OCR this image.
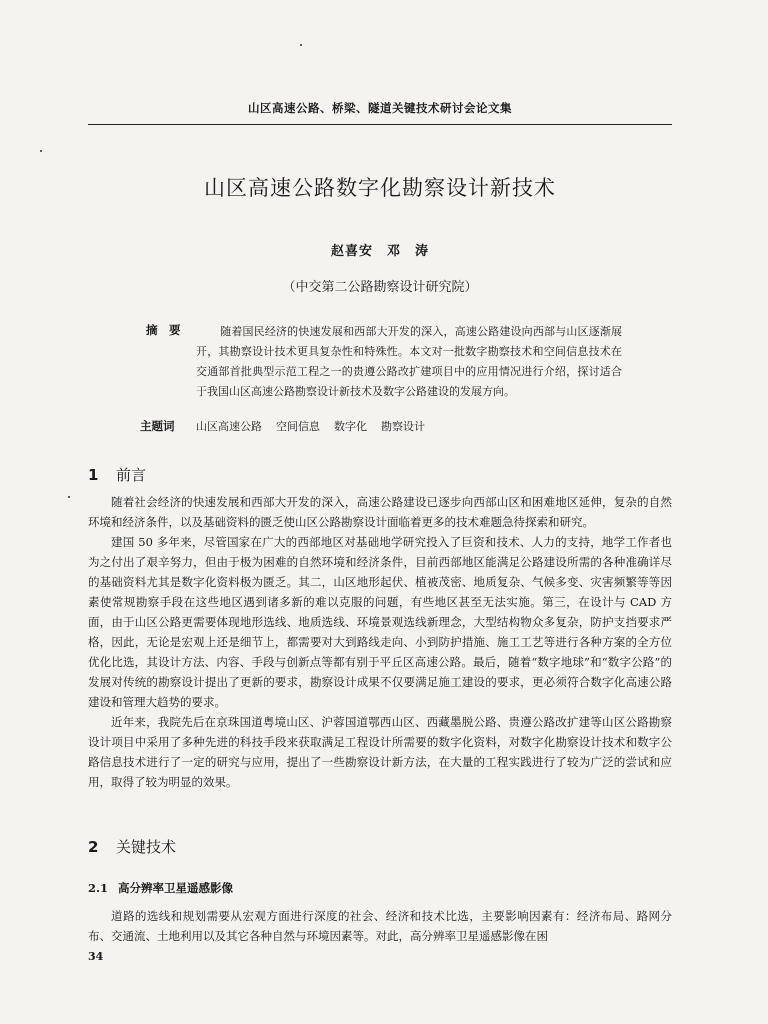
山区高速公路、桥梁、隧道关键技术研讨会论文集
山区高速公路数字化勘察设计新技术
赵喜安　邓　涛
（中交第二公路勘察设计研究院）
摘　要	随着国民经济的快速发展和西部大开发的深入，高速公路建设向西部与山区逐渐展开，其勘察设计技术更具复杂性和特殊性。本文对一批数字勘察技术和空间信息技术在交通部首批典型示范工程之一的贵遵公路改扩建项目中的应用情况进行介绍，探讨适合于我国山区高速公路勘察设计新技术及数字公路建设的发展方向。
主题词 山区高速公路 空间信息 数字化 勘察设计
1 前言

随着社会经济的快速发展和西部大开发的深入，高速公路建设已逐步向西部山区和困难地区延伸，复杂的自然环境和经济条件，以及基础资料的匮乏使山区公路勘察设计面临着更多的技术难题急待探索和研究。

建国 50 多年来，尽管国家在广大的西部地区对基础地学研究投入了巨资和技术、人力的支持，地学工作者也为之付出了艰辛努力，但由于极为困难的自然环境和经济条件，目前西部地区能满足公路建设所需的各种准确详尽的基础资料尤其是数字化资料极为匮乏。其二，山区地形起伏、植被茂密、地质复杂、气候多变、灾害频繁等等因素使常规勘察手段在这些地区遇到诸多新的难以克服的问题，有些地区甚至无法实施。第三，在设计与 CAD 方面，由于山区公路更需要体现地形选线、地质选线、环境景观选线新理念，大型结构物众多复杂，防护支挡要求严格，因此，无论是宏观上还是细节上，都需要对大到路线走向、小到防护措施、施工工艺等进行各种方案的全方位优化比选，其设计方法、内容、手段与创新点等都有别于平丘区高速公路。最后，随着“数字地球”和“数字公路”的发展对传统的勘察设计提出了更新的要求，勘察设计成果不仅要满足施工建设的要求，更必须符合数字化高速公路建设和管理大趋势的要求。

近年来，我院先后在京珠国道粤境山区、沪蓉国道鄂西山区、西藏墨脱公路、贵遵公路改扩建等山区公路勘察设计项目中采用了多种先进的科技手段来获取满足工程设计所需要的数字化资料，对数字化勘察设计技术和数字公路信息技术进行了一定的研究与应用，提出了一些勘察设计新方法，在大量的工程实践进行了较为广泛的尝试和应用，取得了较为明显的效果。

2 关键技术
2.1 高分辨率卫星遥感影像

道路的选线和规划需要从宏观方面进行深度的社会、经济和技术比选，主要影响因素有：经济布局、路网分布、交通流、土地利用以及其它各种自然与环境因素等。对此，高分辨率卫星遥感影像在困

34
